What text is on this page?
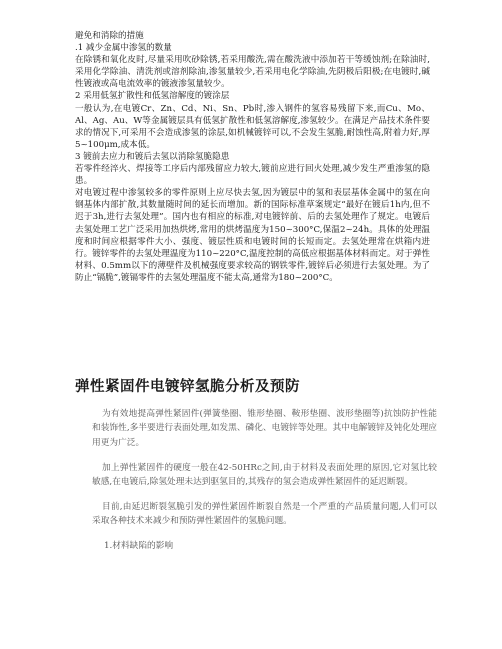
避免和消除的措施

.1 减少金属中渗氢的数量

在除锈和氧化皮时,尽量采用吹砂除锈,若采用酸洗,需在酸洗液中添加若干等缓蚀剂;在除油时,采用化学除油、清洗剂或溶剂除油,渗氢量较少,若采用电化学除油,先阴极后阳极;在电镀时,碱性镀液或高电流效率的镀液渗氢量较少。

2 采用低氢扩散性和低氢溶解度的镀涂层

一般认为,在电镀Cr、Zn、Cd、Ni、Sn、Pb时,渗入钢件的氢容易残留下来,而Cu、Mo、Al、Ag、Au、W等金属镀层具有低氢扩散性和低氢溶解度,渗氢较少。在满足产品技术条件要求的情况下,可采用不会造成渗氢的涂层,如机械镀锌可以,不会发生氢脆,耐蚀性高,附着力好,厚5~100μm,成本低。

3 镀前去应力和镀后去氢以消除氢脆隐患

若零件经淬火、焊接等工序后内部残留应力较大,镀前应进行回火处理,减少发生严重渗氢的隐患。

对电镀过程中渗氢较多的零件原则上应尽快去氢,因为镀层中的氢和表层基体金属中的氢在向钢基体内部扩散,其数量随时间的延长而增加。新的国际标准草案规定“最好在镀后1h内,但不迟于3h,进行去氢处理”。国内也有相应的标准,对电镀锌前、后的去氢处理作了规定。电镀后去氢处理工艺广泛采用加热烘烤,常用的烘烤温度为150~300°C,保温2~24h。具体的处理温度和时间应根据零件大小、强度、镀层性质和电镀时间的长短而定。去氢处理常在烘箱内进行。镀锌零件的去氢处理温度为110~220°C,温度控制的高低应根据基体材料而定。对于弹性材料、0.5mm以下的薄壁件及机械强度要求较高的钢铁零件,镀锌后必须进行去氢处理。为了防止“镉脆”,镀镉零件的去氢处理温度不能太高,通常为180~200°C。

弹性紧固件电镀锌氢脆分析及预防

为有效地提高弹性紧固件(弹簧垫圈、锥形垫圈、鞍形垫圈、波形垫圈等)抗蚀防护性能和装饰性,多半要进行表面处理,如发黑、磷化、电镀锌等处理。其中电解镀锌及钝化处理应用更为广泛。

加上弹性紧固件的硬度一般在42-50HRc之间,由于材料及表面处理的原因,它对氢比较敏感,在电镀后,除氢处理未达到驱氢目的,其残存的氢会造成弹性紧固件的延迟断裂。

目前,由延迟断裂氢脆引发的弹性紧固件断裂自然是一个严重的产品质量问题,人们可以采取各种技术来减少和预防弹性紧固件的氢脆问题。

1.材料缺陷的影响
